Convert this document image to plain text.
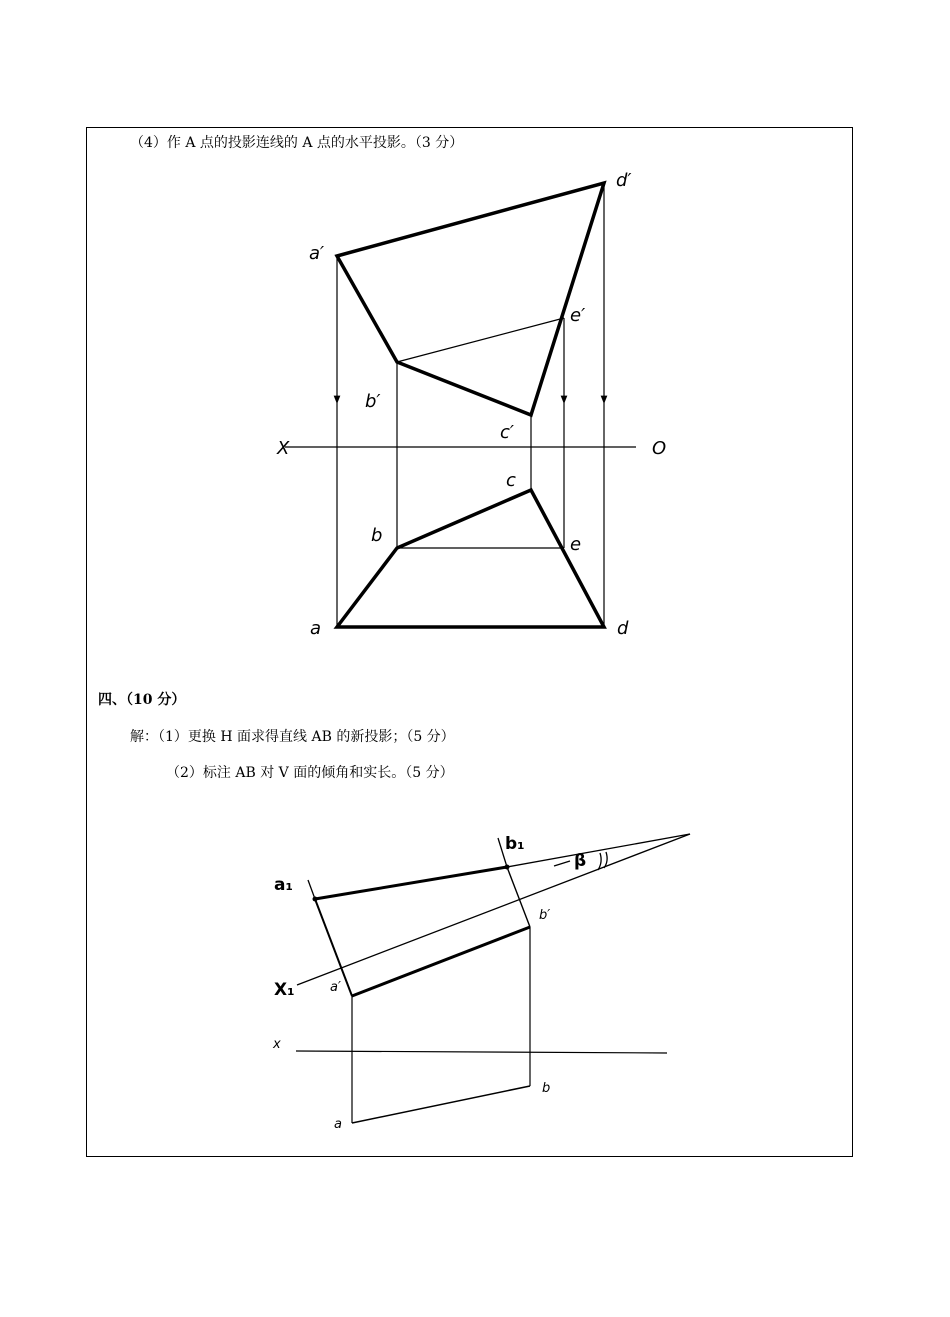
（4）作 A 点的投影连线的 A 点的水平投影。（3 分）
四、（10 分）
解：（1）更换 H 面求得直线 AB 的新投影；（5 分）
（2）标注 AB 对 V 面的倾角和实长。（5 分）
a′
d′
e′
b′
c′
X	O
c
b	e
a	d
a₁
b₁
β
X₁	a′
b′
x
a
b
